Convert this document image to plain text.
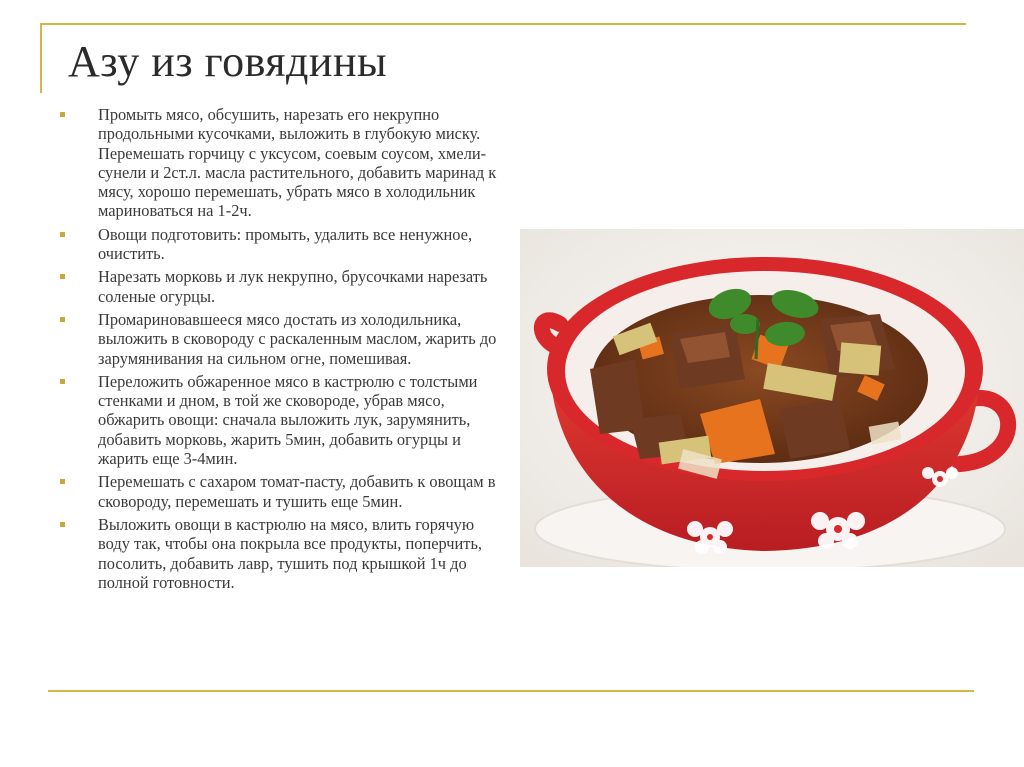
Азу из говядины
Промыть мясо, обсушить, нарезать его некрупно продольными кусочками, выложить в глубокую миску. Перемешать горчицу с уксусом, соевым соусом, хмели-сунели и 2ст.л. масла растительного, добавить маринад к мясу, хорошо перемешать, убрать мясо в холодильник мариноваться на 1-2ч.
Овощи подготовить: промыть, удалить все ненужное, очистить.
Нарезать морковь и лук некрупно, брусочками нарезать соленые огурцы.
Промариновавшееся мясо достать из холодильника, выложить в сковороду с раскаленным маслом, жарить до зарумянивания на сильном огне, помешивая.
Переложить обжаренное мясо в кастрюлю с толстыми стенками и дном, в той же сковороде, убрав мясо, обжарить овощи: сначала выложить лук, зарумянить, добавить морковь, жарить 5мин, добавить огурцы и жарить еще 3-4мин.
Перемешать с сахаром томат-пасту, добавить к овощам в сковороду, перемешать и тушить еще 5мин.
Выложить овощи в кастрюлю на мясо, влить горячую воду так, чтобы она покрыла все продукты, поперчить, посолить, добавить лавр, тушить под крышкой 1ч до полной готовности.
